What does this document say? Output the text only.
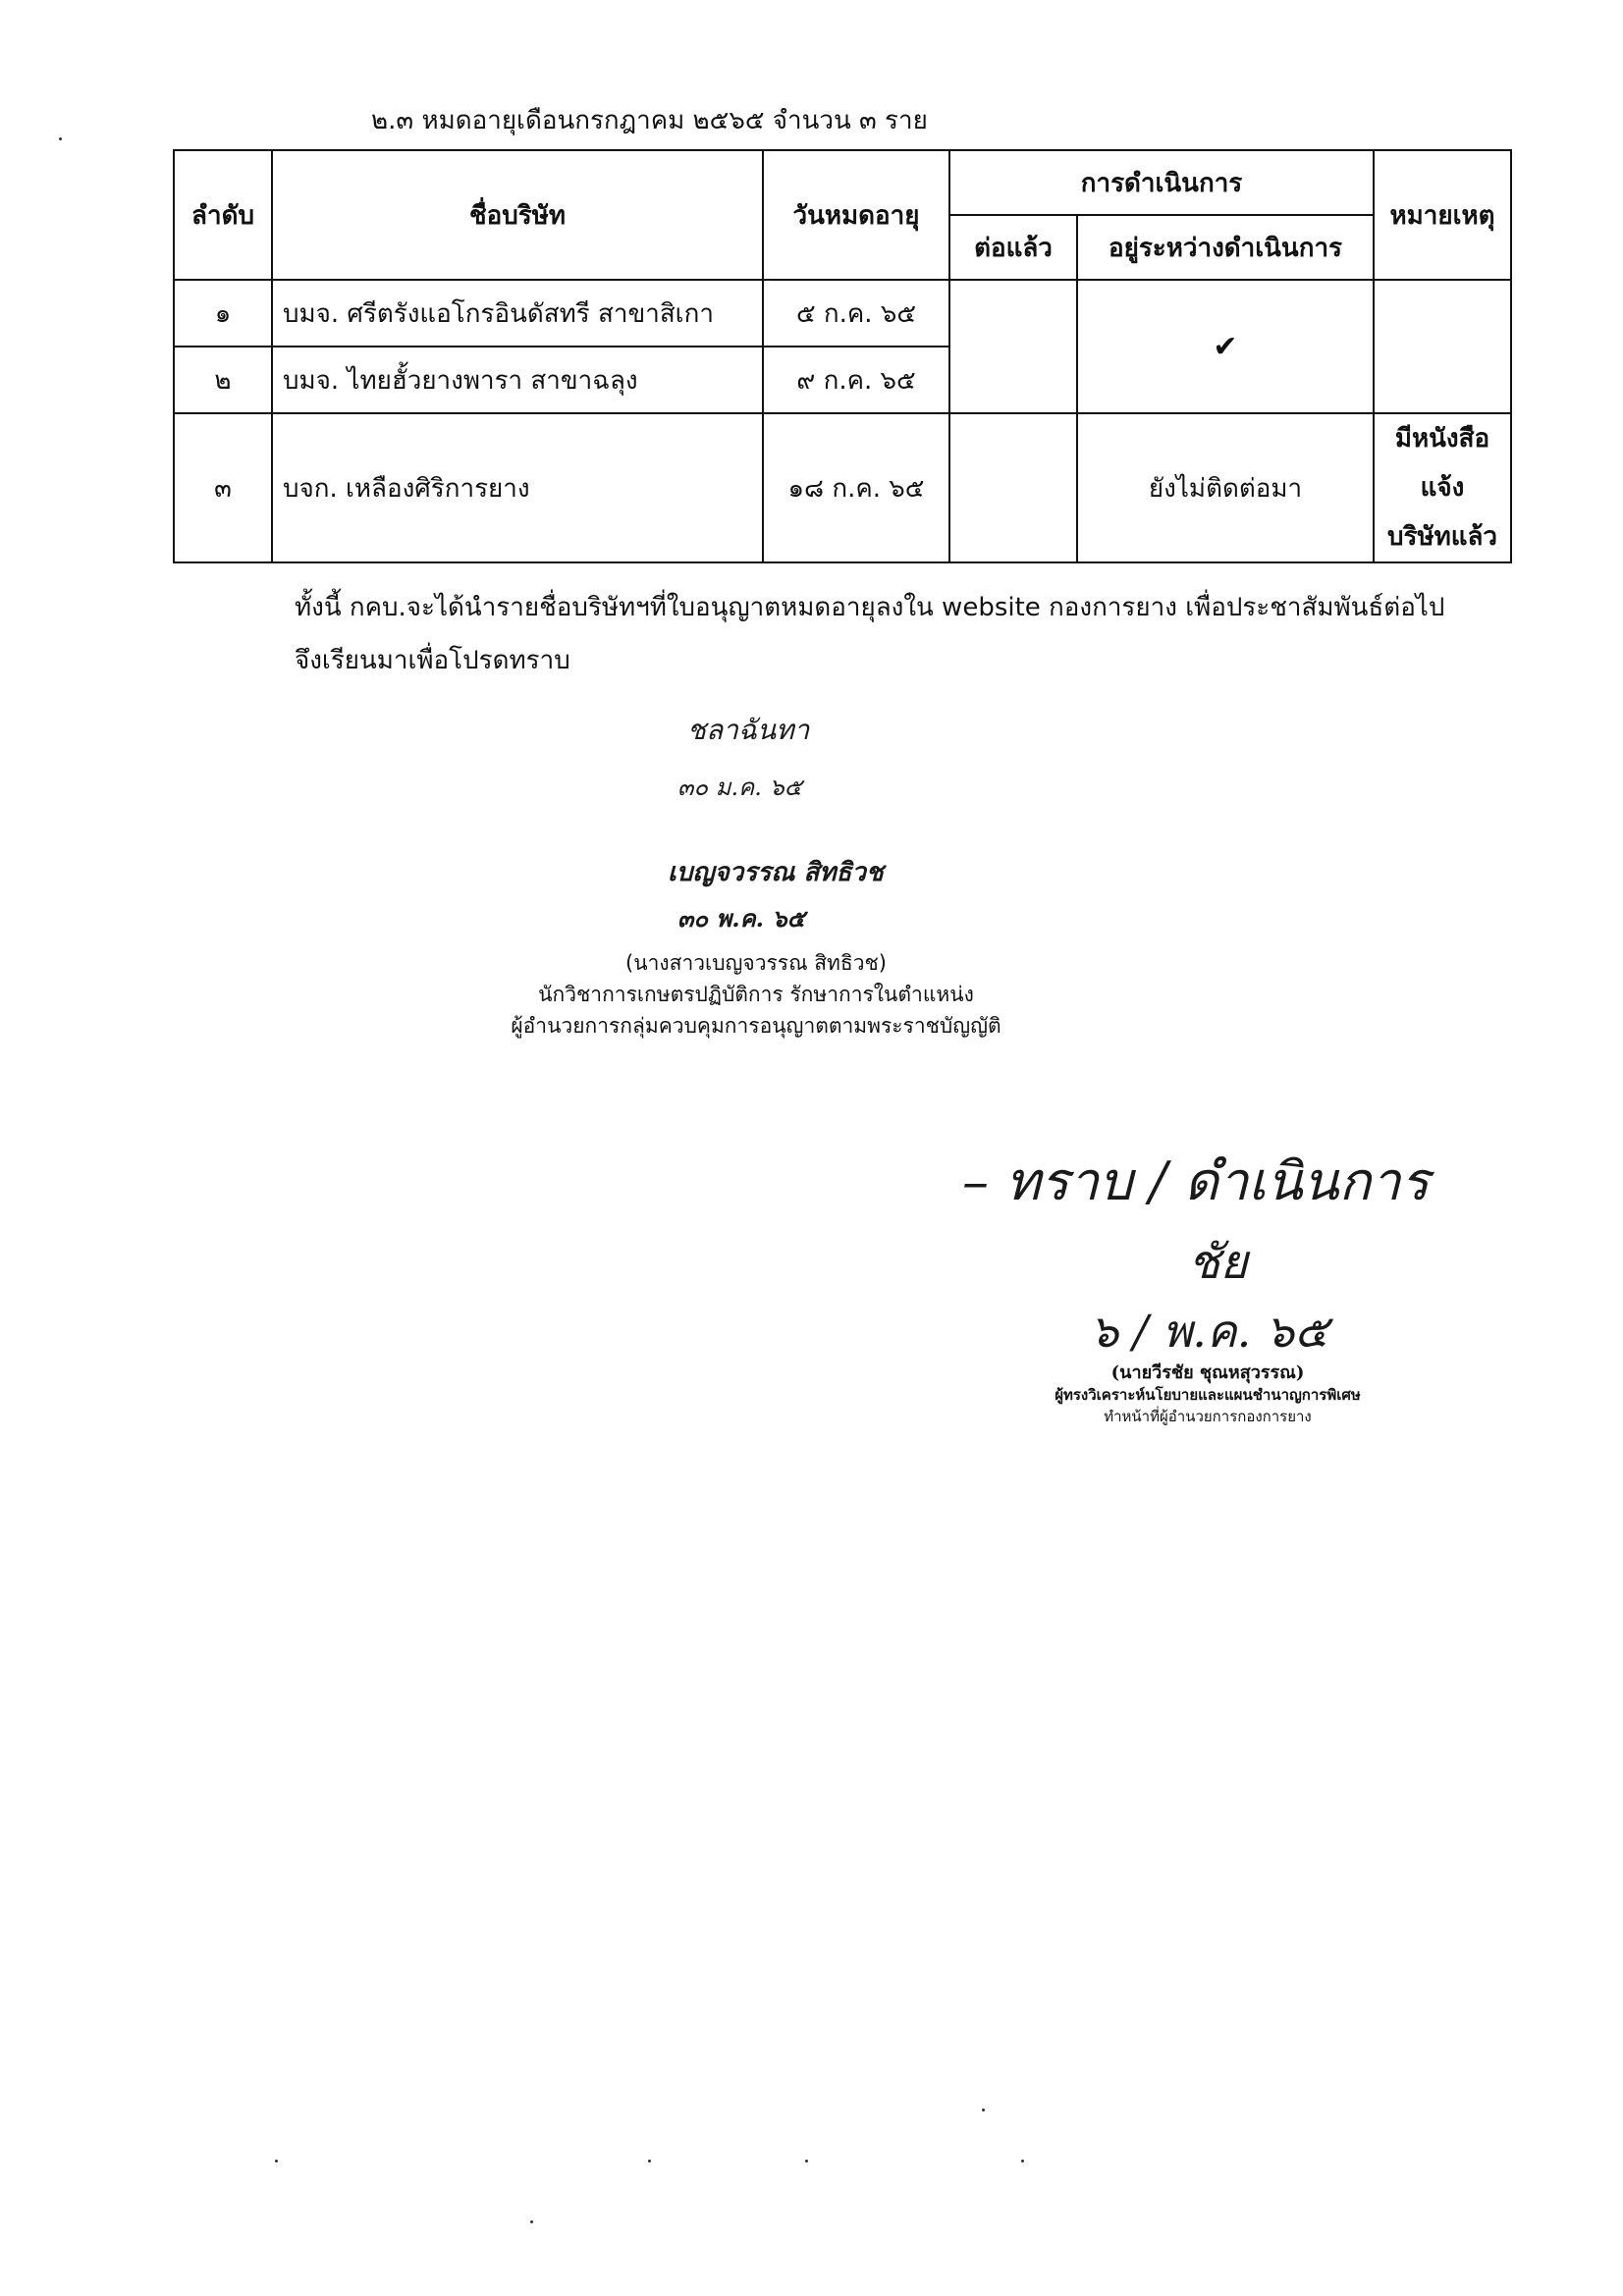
๒.๓ หมดอายุเดือนกรกฎาคม ๒๕๖๕ จำนวน ๓ ราย
ลำดับ	ชื่อบริษัท	วันหมดอายุ	การดำเนินการ		หมายเหตุ
			ต่อแล้ว	อยู่ระหว่างดำเนินการ	
๑	บมจ. ศรีตรังแอโกรอินดัสทรี สาขาสิเกา	๕ ก.ค. ๖๕		✔	
๒	บมจ. ไทยฮั้วยางพารา สาขาฉลุง	๙ ก.ค. ๖๕			
๓	บจก. เหลืองศิริการยาง	๑๘ ก.ค. ๖๕		ยังไม่ติดต่อมา	มีหนังสือแจ้ง
บริษัทแล้ว
ทั้งนี้ กคบ.จะได้นำรายชื่อบริษัทฯที่ใบอนุญาตหมดอายุลงใน website กองการยาง เพื่อประชาสัมพันธ์ต่อไป
จึงเรียนมาเพื่อโปรดทราบ
ชลาฉันทา
๓๐ ม.ค. ๖๕
เบญจวรรณ สิทธิวช
๓๐ พ.ค. ๖๕
(นางสาวเบญจวรรณ สิทธิวช)
นักวิชาการเกษตรปฏิบัติการ รักษาการในตำแหน่ง
ผู้อำนวยการกลุ่มควบคุมการอนุญาตตามพระราชบัญญัติ
– ทราบ / ดำเนินการ
ชัย
๖ / พ.ค. ๖๕
(นายวีรชัย ชุณหสุวรรณ)
ผู้ทรงวิเคราะห์นโยบายและแผนชำนาญการพิเศษ
ทำหน้าที่ผู้อำนวยการกองการยาง
